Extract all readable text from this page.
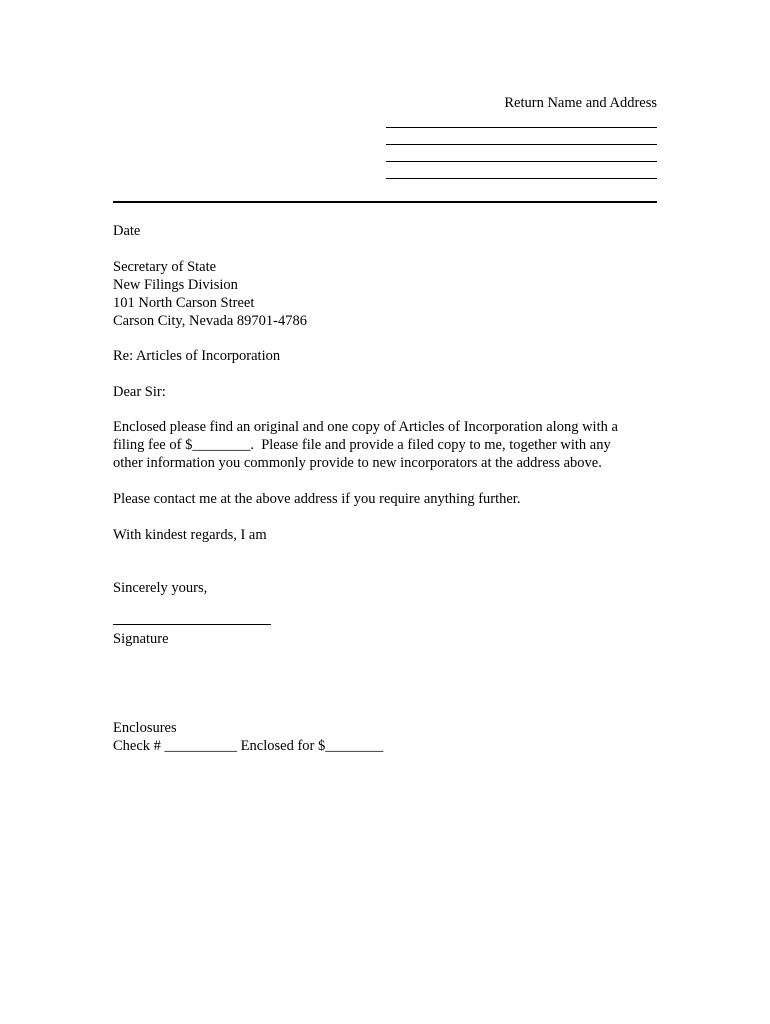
Return Name and Address

Date

Secretary of State

New Filings Division

101 North Carson Street

Carson City, Nevada 89701-4786

Re: Articles of Incorporation

Dear Sir:

Enclosed please find an original and one copy of Articles of Incorporation along with a

filing fee of $________.  Please file and provide a filed copy to me, together with any

other information you commonly provide to new incorporators at the address above.

Please contact me at the above address if you require anything further.

With kindest regards, I am

Sincerely yours,

Signature

Enclosures

Check # __________ Enclosed for $________
